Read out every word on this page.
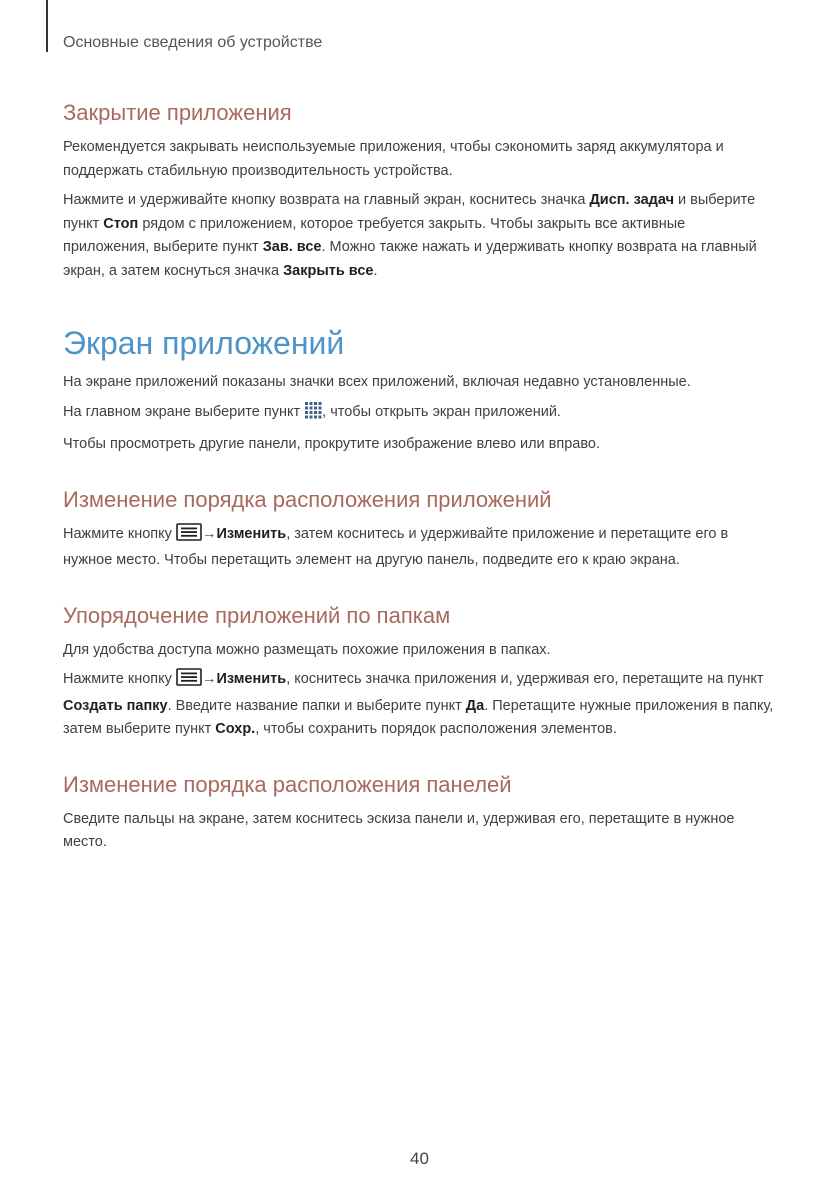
Основные сведения об устройстве
Закрытие приложения

Рекомендуется закрывать неиспользуемые приложения, чтобы сэкономить заряд аккумулятора и поддержать стабильную производительность устройства.

Нажмите и удерживайте кнопку возврата на главный экран, коснитесь значка Дисп. задач и выберите пункт Стоп рядом с приложением, которое требуется закрыть. Чтобы закрыть все активные приложения, выберите пункт Зав. все. Можно также нажать и удерживать кнопку возврата на главный экран, а затем коснуться значка Закрыть все.

Экран приложений

На экране приложений показаны значки всех приложений, включая недавно установленные.

На главном экране выберите пункт , чтобы открыть экран приложений.

Чтобы просмотреть другие панели, прокрутите изображение влево или вправо.

Изменение порядка расположения приложений

Нажмите кнопку →Изменить, затем коснитесь и удерживайте приложение и перетащите его в нужное место. Чтобы перетащить элемент на другую панель, подведите его к краю экрана.

Упорядочение приложений по папкам

Для удобства доступа можно размещать похожие приложения в папках.

Нажмите кнопку →Изменить, коснитесь значка приложения и, удерживая его, перетащите на пункт Создать папку. Введите название папки и выберите пункт Да. Перетащите нужные приложения в папку, затем выберите пункт Сохр., чтобы сохранить порядок расположения элементов.

Изменение порядка расположения панелей

Сведите пальцы на экране, затем коснитесь эскиза панели и, удерживая его, перетащите в нужное место.

40
